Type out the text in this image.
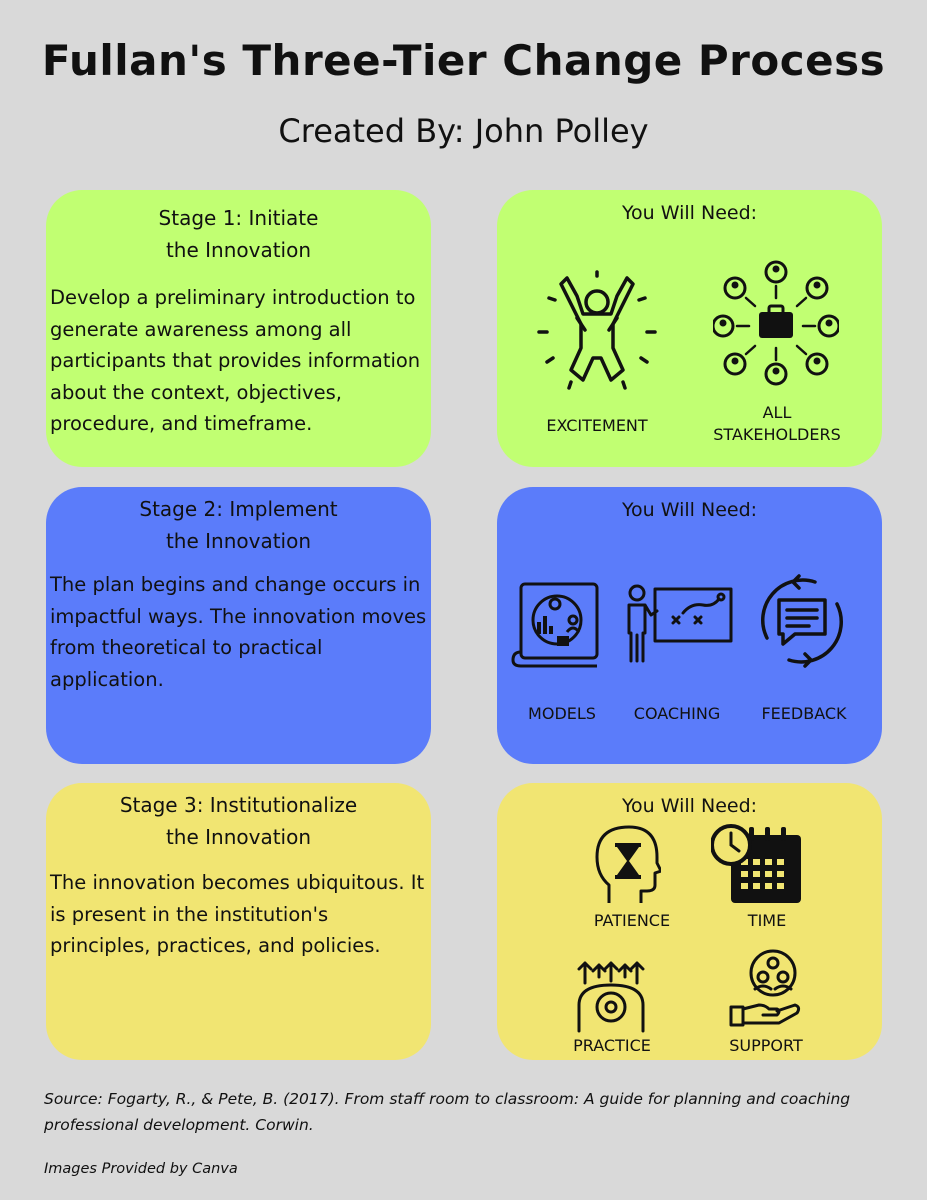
Fullan's Three-Tier Change Process
Created By: John Polley
Stage 1: Initiate
the Innovation
Develop a preliminary introduction to generate awareness among all participants that provides information about the context, objectives, procedure, and timeframe.
You Will Need:
EXCITEMENT
ALL
STAKEHOLDERS
Stage 2: Implement
the Innovation
The plan begins and change occurs in impactful ways. The innovation moves from theoretical to practical application.
You Will Need:
MODELS	COACHING	FEEDBACK
Stage 3: Institutionalize
the Innovation
The innovation becomes ubiquitous. It is present in the institution's principles, practices, and policies.
You Will Need:
PATIENCE	TIME
PRACTICE	SUPPORT
Source: Fogarty, R., & Pete, B. (2017). From staff room to classroom: A guide for planning and coaching professional development. Corwin.
Images Provided by Canva
